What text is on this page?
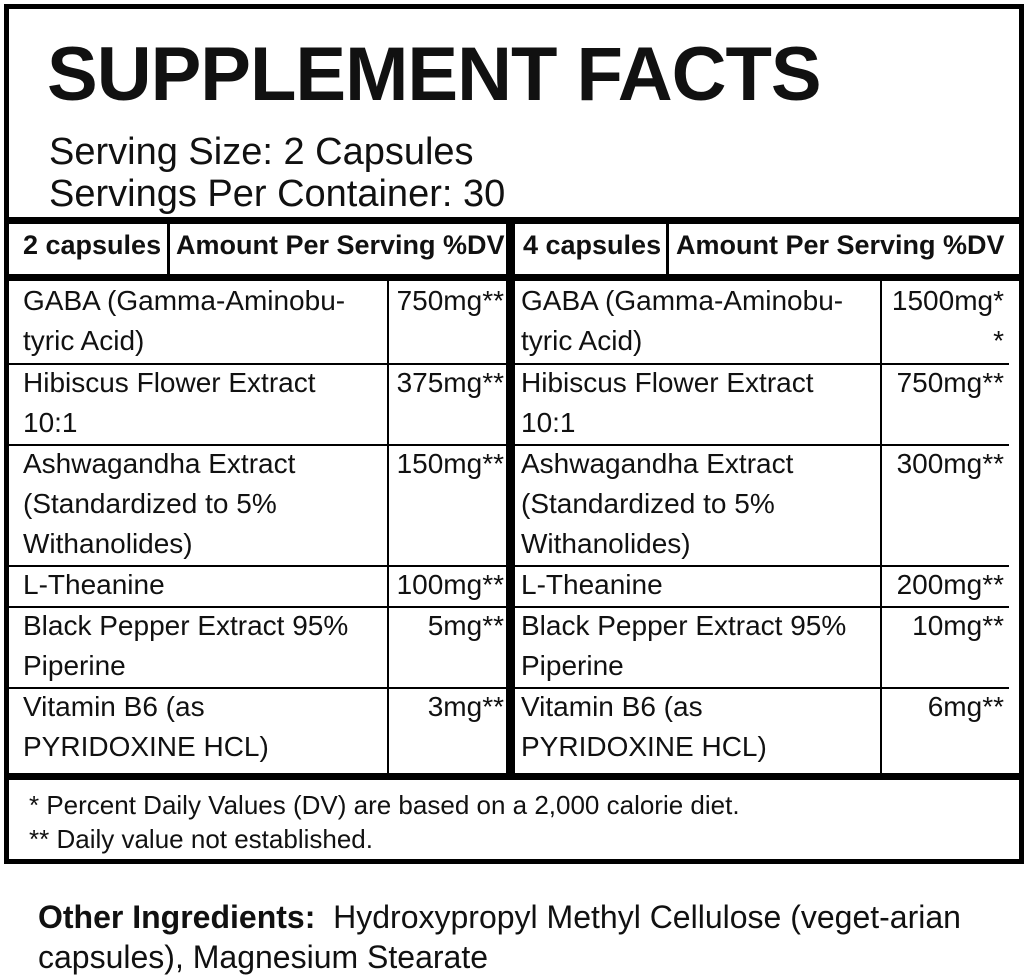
SUPPLEMENT FACTS
Serving Size: 2 Capsules
Servings Per Container: 30
2 capsules Amount Per Serving %DV 4 capsules Amount Per Serving %DV
GABA (Gamma-Aminobu-
tyric Acid)
750mg**
Hibiscus Flower Extract
10:1
375mg**
Ashwagandha Extract
(Standardized to 5%
Withanolides)
150mg**
L-Theanine	100mg**
Black Pepper Extract 95%
Piperine
5mg**
Vitamin B6 (as
PYRIDOXINE HCL)
3mg**
GABA (Gamma-Aminobu-
tyric Acid)
1500mg*
*
Hibiscus Flower Extract
10:1
750mg**
Ashwagandha Extract
(Standardized to 5%
Withanolides)
300mg**
L-Theanine	200mg**
Black Pepper Extract 95%
Piperine
10mg**
Vitamin B6 (as
PYRIDOXINE HCL)
6mg**
* Percent Daily Values (DV) are based on a 2,000 calorie diet.
** Daily value not established.
Other Ingredients: Hydroxypropyl Methyl Cellulose (veget-arian capsules), Magnesium Stearate
